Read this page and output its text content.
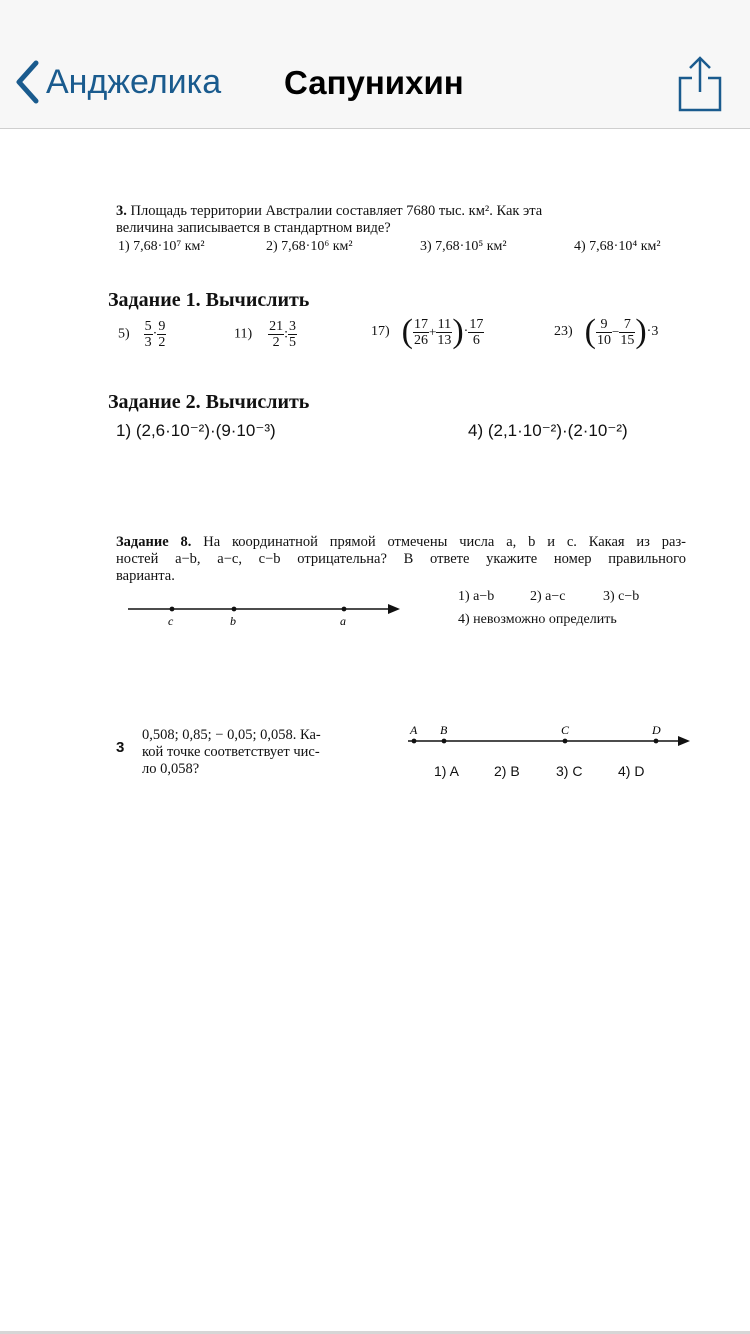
Анджелика Сапунихин
3. Площадь территории Австралии составляет 7680 тыс. км². Как эта
величина записывается в стандартном виде?
1) 7,68·10⁷ км²	2) 7,68·10⁶ км²	3) 7,68·10⁵ км²	4) 7,68·10⁴ км²
Задание 1. Вычислить
$5) \frac{5}{3} \cdot \frac{9}{2}$	$11) \frac{21}{2}$ : $\frac{3}{5}$	17) ( $\frac{17}{26} + \frac{11}{13}$ )· $\frac{17}{6}$	23) ( $\frac{9}{10} - \frac{7}{15} )\cdot 3$
Задание 2. Вычислить
1) (2,6·10⁻²)·(9·10⁻³)	4) (2,1·10⁻²)·(2·10⁻²)
Задание 8. На координатной прямой отмечены числа a, b и c. Какая из раз-
ностей a−b, a−c, c−b отрицательна? В ответе укажите номер правильного
варианта.
c	b	a
1) a−b	2) a−c	3) c−b
4) невозможно определить
3
0,508; 0,85; − 0,05; 0,058. Ка-
кой точке соответствует чис-
ло 0,058?
A B	C	D
1) A	2) B	3) C	4) D
